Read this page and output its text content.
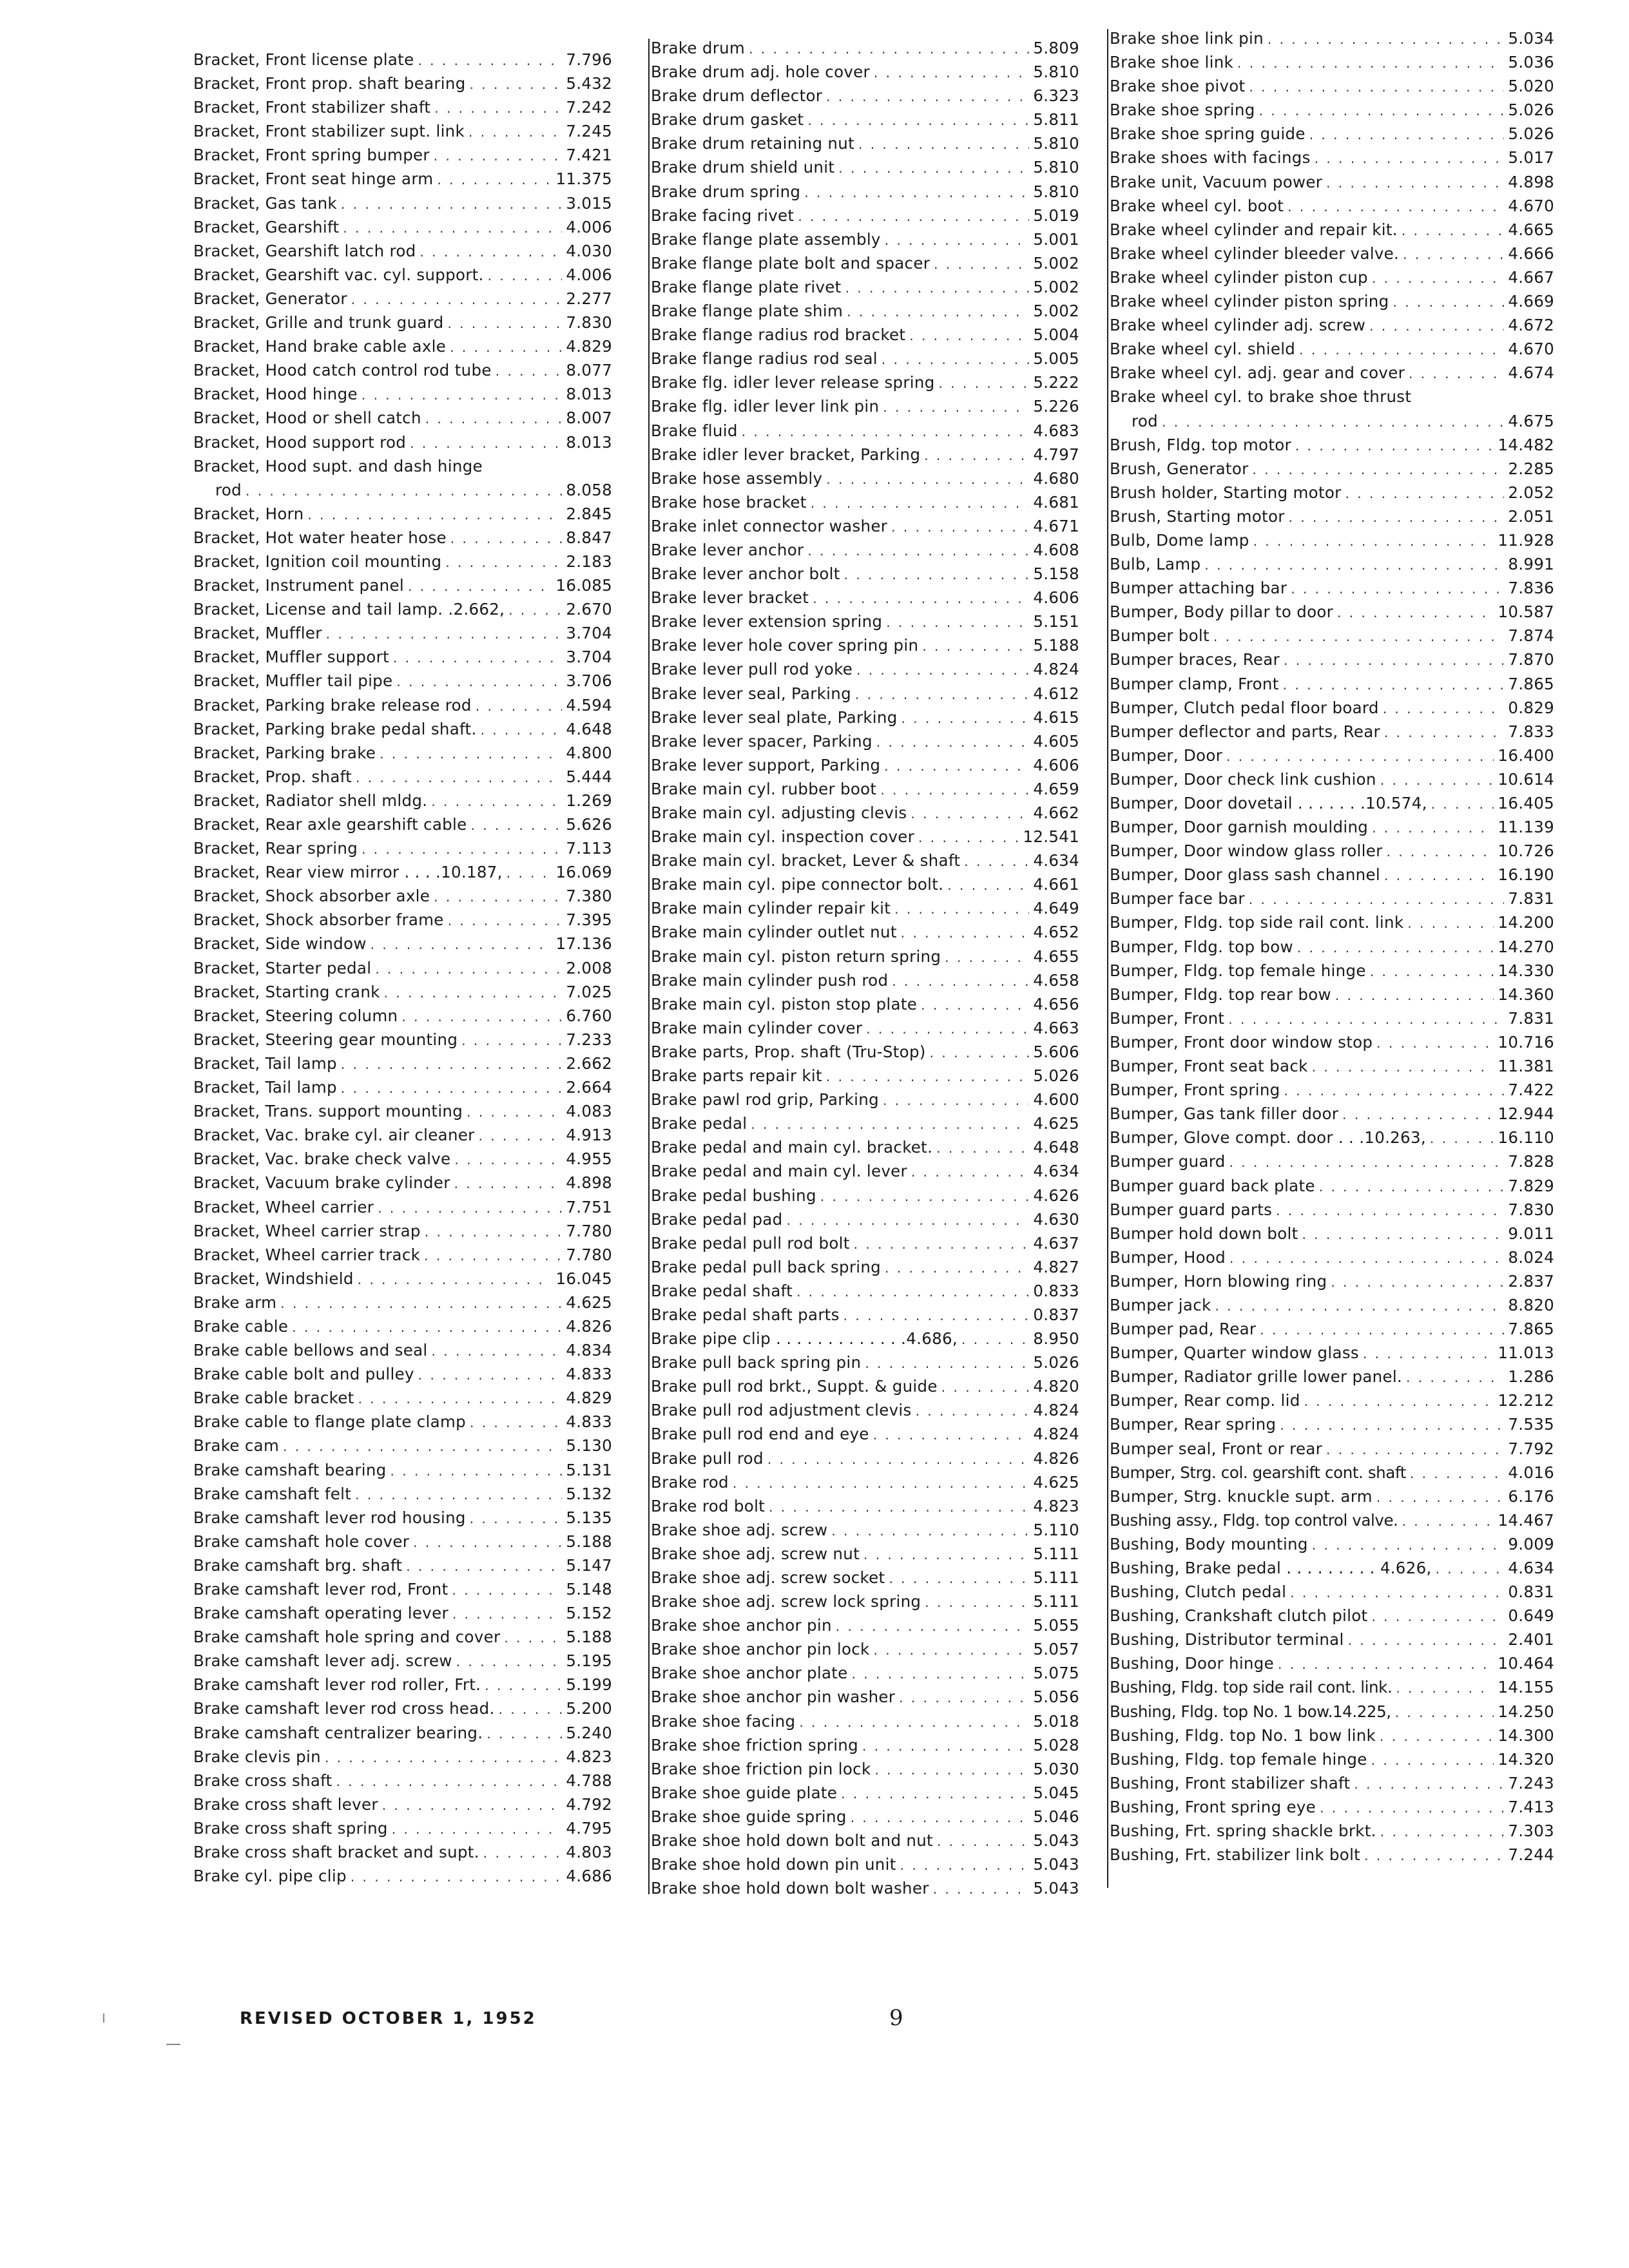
Bracket, Front license plate . . .	7.796
Bracket, Front prop. shaft bearing . . .	5.432
Bracket, Front stabilizer shaft . . .	7.242
Bracket, Front stabilizer supt. link . . .	7.245
Bracket, Front spring bumper . . .	7.421
Bracket, Front seat hinge arm . . .	11.375
Bracket, Gas tank . . .	3.015
Bracket, Gearshift . . .	4.006
Bracket, Gearshift latch rod . . .	4.030
Bracket, Gearshift vac. cyl. support. . . .	4.006
Bracket, Generator . . .	2.277
Bracket, Grille and trunk guard . . .	7.830
Bracket, Hand brake cable axle . . .	4.829
Bracket, Hood catch control rod tube . . .	8.077
Bracket, Hood hinge . . .	8.013
Bracket, Hood or shell catch . . .	8.007
Bracket, Hood support rod . . .	8.013
Bracket, Hood supt. and dash hinge
rod . . .	8.058
Bracket, Horn . . .	2.845
Bracket, Hot water heater hose . . .	8.847
Bracket, Ignition coil mounting . . .	2.183
Bracket, Instrument panel . . .	16.085
Bracket, License and tail lamp. .2.662, . . .	2.670
Bracket, Muffler . . .	3.704
Bracket, Muffler support . . .	3.704
Bracket, Muffler tail pipe . . .	3.706
Bracket, Parking brake release rod . . .	4.594
Bracket, Parking brake pedal shaft. . . .	4.648
Bracket, Parking brake . . .	4.800
Bracket, Prop. shaft . . .	5.444
Bracket, Radiator shell mldg. . . .	1.269
Bracket, Rear axle gearshift cable . . .	5.626
Bracket, Rear spring . . .	7.113
Bracket, Rear view mirror . . . .10.187, . . .	16.069
Bracket, Shock absorber axle . . .	7.380
Bracket, Shock absorber frame . . .	7.395
Bracket, Side window . . .	17.136
Bracket, Starter pedal . . .	2.008
Bracket, Starting crank . . .	7.025
Bracket, Steering column . . .	6.760
Bracket, Steering gear mounting . . .	7.233
Bracket, Tail lamp . . .	2.662
Bracket, Tail lamp . . .	2.664
Bracket, Trans. support mounting . . .	4.083
Bracket, Vac. brake cyl. air cleaner . . .	4.913
Bracket, Vac. brake check valve . . .	4.955
Bracket, Vacuum brake cylinder . . .	4.898
Bracket, Wheel carrier . . .	7.751
Bracket, Wheel carrier strap . . .	7.780
Bracket, Wheel carrier track . . .	7.780
Bracket, Windshield . . .	16.045
Brake arm . . .	4.625
Brake cable . . .	4.826
Brake cable bellows and seal . . .	4.834
Brake cable bolt and pulley . . .	4.833
Brake cable bracket . . .	4.829
Brake cable to flange plate clamp . . .	4.833
Brake cam . . .	5.130
Brake camshaft bearing . . .	5.131
Brake camshaft felt . . .	5.132
Brake camshaft lever rod housing . . .	5.135
Brake camshaft hole cover . . .	5.188
Brake camshaft brg. shaft . . .	5.147
Brake camshaft lever rod, Front . . .	5.148
Brake camshaft operating lever . . .	5.152
Brake camshaft hole spring and cover . . .	5.188
Brake camshaft lever adj. screw . . .	5.195
Brake camshaft lever rod roller, Frt. . . .	5.199
Brake camshaft lever rod cross head. . . .	5.200
Brake camshaft centralizer bearing. . . .	5.240
Brake clevis pin . . .	4.823
Brake cross shaft . . .	4.788
Brake cross shaft lever . . .	4.792
Brake cross shaft spring . . .	4.795
Brake cross shaft bracket and supt. . . .	4.803
Brake cyl. pipe clip . . .	4.686
Brake drum . . .	5.809
Brake drum adj. hole cover . . .	5.810
Brake drum deflector . . .	6.323
Brake drum gasket . . .	5.811
Brake drum retaining nut . . .	5.810
Brake drum shield unit . . .	5.810
Brake drum spring . . .	5.810
Brake facing rivet . . .	5.019
Brake flange plate assembly . . .	5.001
Brake flange plate bolt and spacer . . .	5.002
Brake flange plate rivet . . .	5.002
Brake flange plate shim . . .	5.002
Brake flange radius rod bracket . . .	5.004
Brake flange radius rod seal . . .	5.005
Brake flg. idler lever release spring . . .	5.222
Brake flg. idler lever link pin . . .	5.226
Brake fluid . . .	4.683
Brake idler lever bracket, Parking . . .	4.797
Brake hose assembly . . .	4.680
Brake hose bracket . . .	4.681
Brake inlet connector washer . . .	4.671
Brake lever anchor . . .	4.608
Brake lever anchor bolt . . .	5.158
Brake lever bracket . . .	4.606
Brake lever extension spring . . .	5.151
Brake lever hole cover spring pin . . .	5.188
Brake lever pull rod yoke . . .	4.824
Brake lever seal, Parking . . .	4.612
Brake lever seal plate, Parking . . .	4.615
Brake lever spacer, Parking . . .	4.605
Brake lever support, Parking . . .	4.606
Brake main cyl. rubber boot . . .	4.659
Brake main cyl. adjusting clevis . . .	4.662
Brake main cyl. inspection cover . . .	12.541
Brake main cyl. bracket, Lever & shaft . . .	4.634
Brake main cyl. pipe connector bolt. . . .	4.661
Brake main cylinder repair kit . . .	4.649
Brake main cylinder outlet nut . . .	4.652
Brake main cyl. piston return spring . . .	4.655
Brake main cylinder push rod . . .	4.658
Brake main cyl. piston stop plate . . .	4.656
Brake main cylinder cover . . .	4.663
Brake parts, Prop. shaft (Tru-Stop) . . .	5.606
Brake parts repair kit . . .	5.026
Brake pawl rod grip, Parking . . .	4.600
Brake pedal . . .	4.625
Brake pedal and main cyl. bracket. . . .	4.648
Brake pedal and main cyl. lever . . .	4.634
Brake pedal bushing . . .	4.626
Brake pedal pad . . .	4.630
Brake pedal pull rod bolt . . .	4.637
Brake pedal pull back spring . . .	4.827
Brake pedal shaft . . .	0.833
Brake pedal shaft parts . . .	0.837
Brake pipe clip . . . . . . . . . . . . .4.686, . . .	8.950
Brake pull back spring pin . . .	5.026
Brake pull rod brkt., Suppt. & guide . . .	4.820
Brake pull rod adjustment clevis . . .	4.824
Brake pull rod end and eye . . .	4.824
Brake pull rod . . .	4.826
Brake rod . . .	4.625
Brake rod bolt . . .	4.823
Brake shoe adj. screw . . .	5.110
Brake shoe adj. screw nut . . .	5.111
Brake shoe adj. screw socket . . .	5.111
Brake shoe adj. screw lock spring . . .	5.111
Brake shoe anchor pin . . .	5.055
Brake shoe anchor pin lock . . .	5.057
Brake shoe anchor plate . . .	5.075
Brake shoe anchor pin washer . . .	5.056
Brake shoe facing . . .	5.018
Brake shoe friction spring . . .	5.028
Brake shoe friction pin lock . . .	5.030
Brake shoe guide plate . . .	5.045
Brake shoe guide spring . . .	5.046
Brake shoe hold down bolt and nut . . .	5.043
Brake shoe hold down pin unit . . .	5.043
Brake shoe hold down bolt washer . . .	5.043
Brake shoe link pin . . .	5.034
Brake shoe link . . .	5.036
Brake shoe pivot . . .	5.020
Brake shoe spring . . .	5.026
Brake shoe spring guide . . .	5.026
Brake shoes with facings . . .	5.017
Brake unit, Vacuum power . . .	4.898
Brake wheel cyl. boot . . .	4.670
Brake wheel cylinder and repair kit. . . .	4.665
Brake wheel cylinder bleeder valve. . . .	4.666
Brake wheel cylinder piston cup . . .	4.667
Brake wheel cylinder piston spring . . .	4.669
Brake wheel cylinder adj. screw . . .	4.672
Brake wheel cyl. shield . . .	4.670
Brake wheel cyl. adj. gear and cover . . .	4.674
Brake wheel cyl. to brake shoe thrust
rod . . .	4.675
Brush, Fldg. top motor . . .	14.482
Brush, Generator . . .	2.285
Brush holder, Starting motor . . .	2.052
Brush, Starting motor . . .	2.051
Bulb, Dome lamp . . .	11.928
Bulb, Lamp . . .	8.991
Bumper attaching bar . . .	7.836
Bumper, Body pillar to door . . .	10.587
Bumper bolt . . .	7.874
Bumper braces, Rear . . .	7.870
Bumper clamp, Front . . .	7.865
Bumper, Clutch pedal floor board . . .	0.829
Bumper deflector and parts, Rear . . .	7.833
Bumper, Door . . .	16.400
Bumper, Door check link cushion . . .	10.614
Bumper, Door dovetail . . . . . . .10.574, . . .	16.405
Bumper, Door garnish moulding . . .	11.139
Bumper, Door window glass roller . . .	10.726
Bumper, Door glass sash channel . . .	16.190
Bumper face bar . . .	7.831
Bumper, Fldg. top side rail cont. link . . .	14.200
Bumper, Fldg. top bow . . .	14.270
Bumper, Fldg. top female hinge . . .	14.330
Bumper, Fldg. top rear bow . . .	14.360
Bumper, Front . . .	7.831
Bumper, Front door window stop . . .	10.716
Bumper, Front seat back . . .	11.381
Bumper, Front spring . . .	7.422
Bumper, Gas tank filler door . . .	12.944
Bumper, Glove compt. door . . .10.263, . . .	16.110
Bumper guard . . .	7.828
Bumper guard back plate . . .	7.829
Bumper guard parts . . .	7.830
Bumper hold down bolt . . .	9.011
Bumper, Hood . . .	8.024
Bumper, Horn blowing ring . . .	2.837
Bumper jack . . .	8.820
Bumper pad, Rear . . .	7.865
Bumper, Quarter window glass . . .	11.013
Bumper, Radiator grille lower panel. . . .	1.286
Bumper, Rear comp. lid . . .	12.212
Bumper, Rear spring . . .	7.535
Bumper seal, Front or rear . . .	7.792
Bumper, Strg. col. gearshift cont. shaft . . .	4.016
Bumper, Strg. knuckle supt. arm . . .	6.176
Bushing assy., Fldg. top control valve. . . .	14.467
Bushing, Body mounting . . .	9.009
Bushing, Brake pedal . . . . . . . . . 4.626, . . .	4.634
Bushing, Clutch pedal . . .	0.831
Bushing, Crankshaft clutch pilot . . .	0.649
Bushing, Distributor terminal . . .	2.401
Bushing, Door hinge . . .	10.464
Bushing, Fldg. top side rail cont. link. . . .	14.155
Bushing, Fldg. top No. 1 bow.14.225, . . .	14.250
Bushing, Fldg. top No. 1 bow link . . .	14.300
Bushing, Fldg. top female hinge . . .	14.320
Bushing, Front stabilizer shaft . . .	7.243
Bushing, Front spring eye . . .	7.413
Bushing, Frt. spring shackle brkt. . . .	7.303
Bushing, Frt. stabilizer link bolt . . .	7.244
REVISED OCTOBER 1, 1952	9
